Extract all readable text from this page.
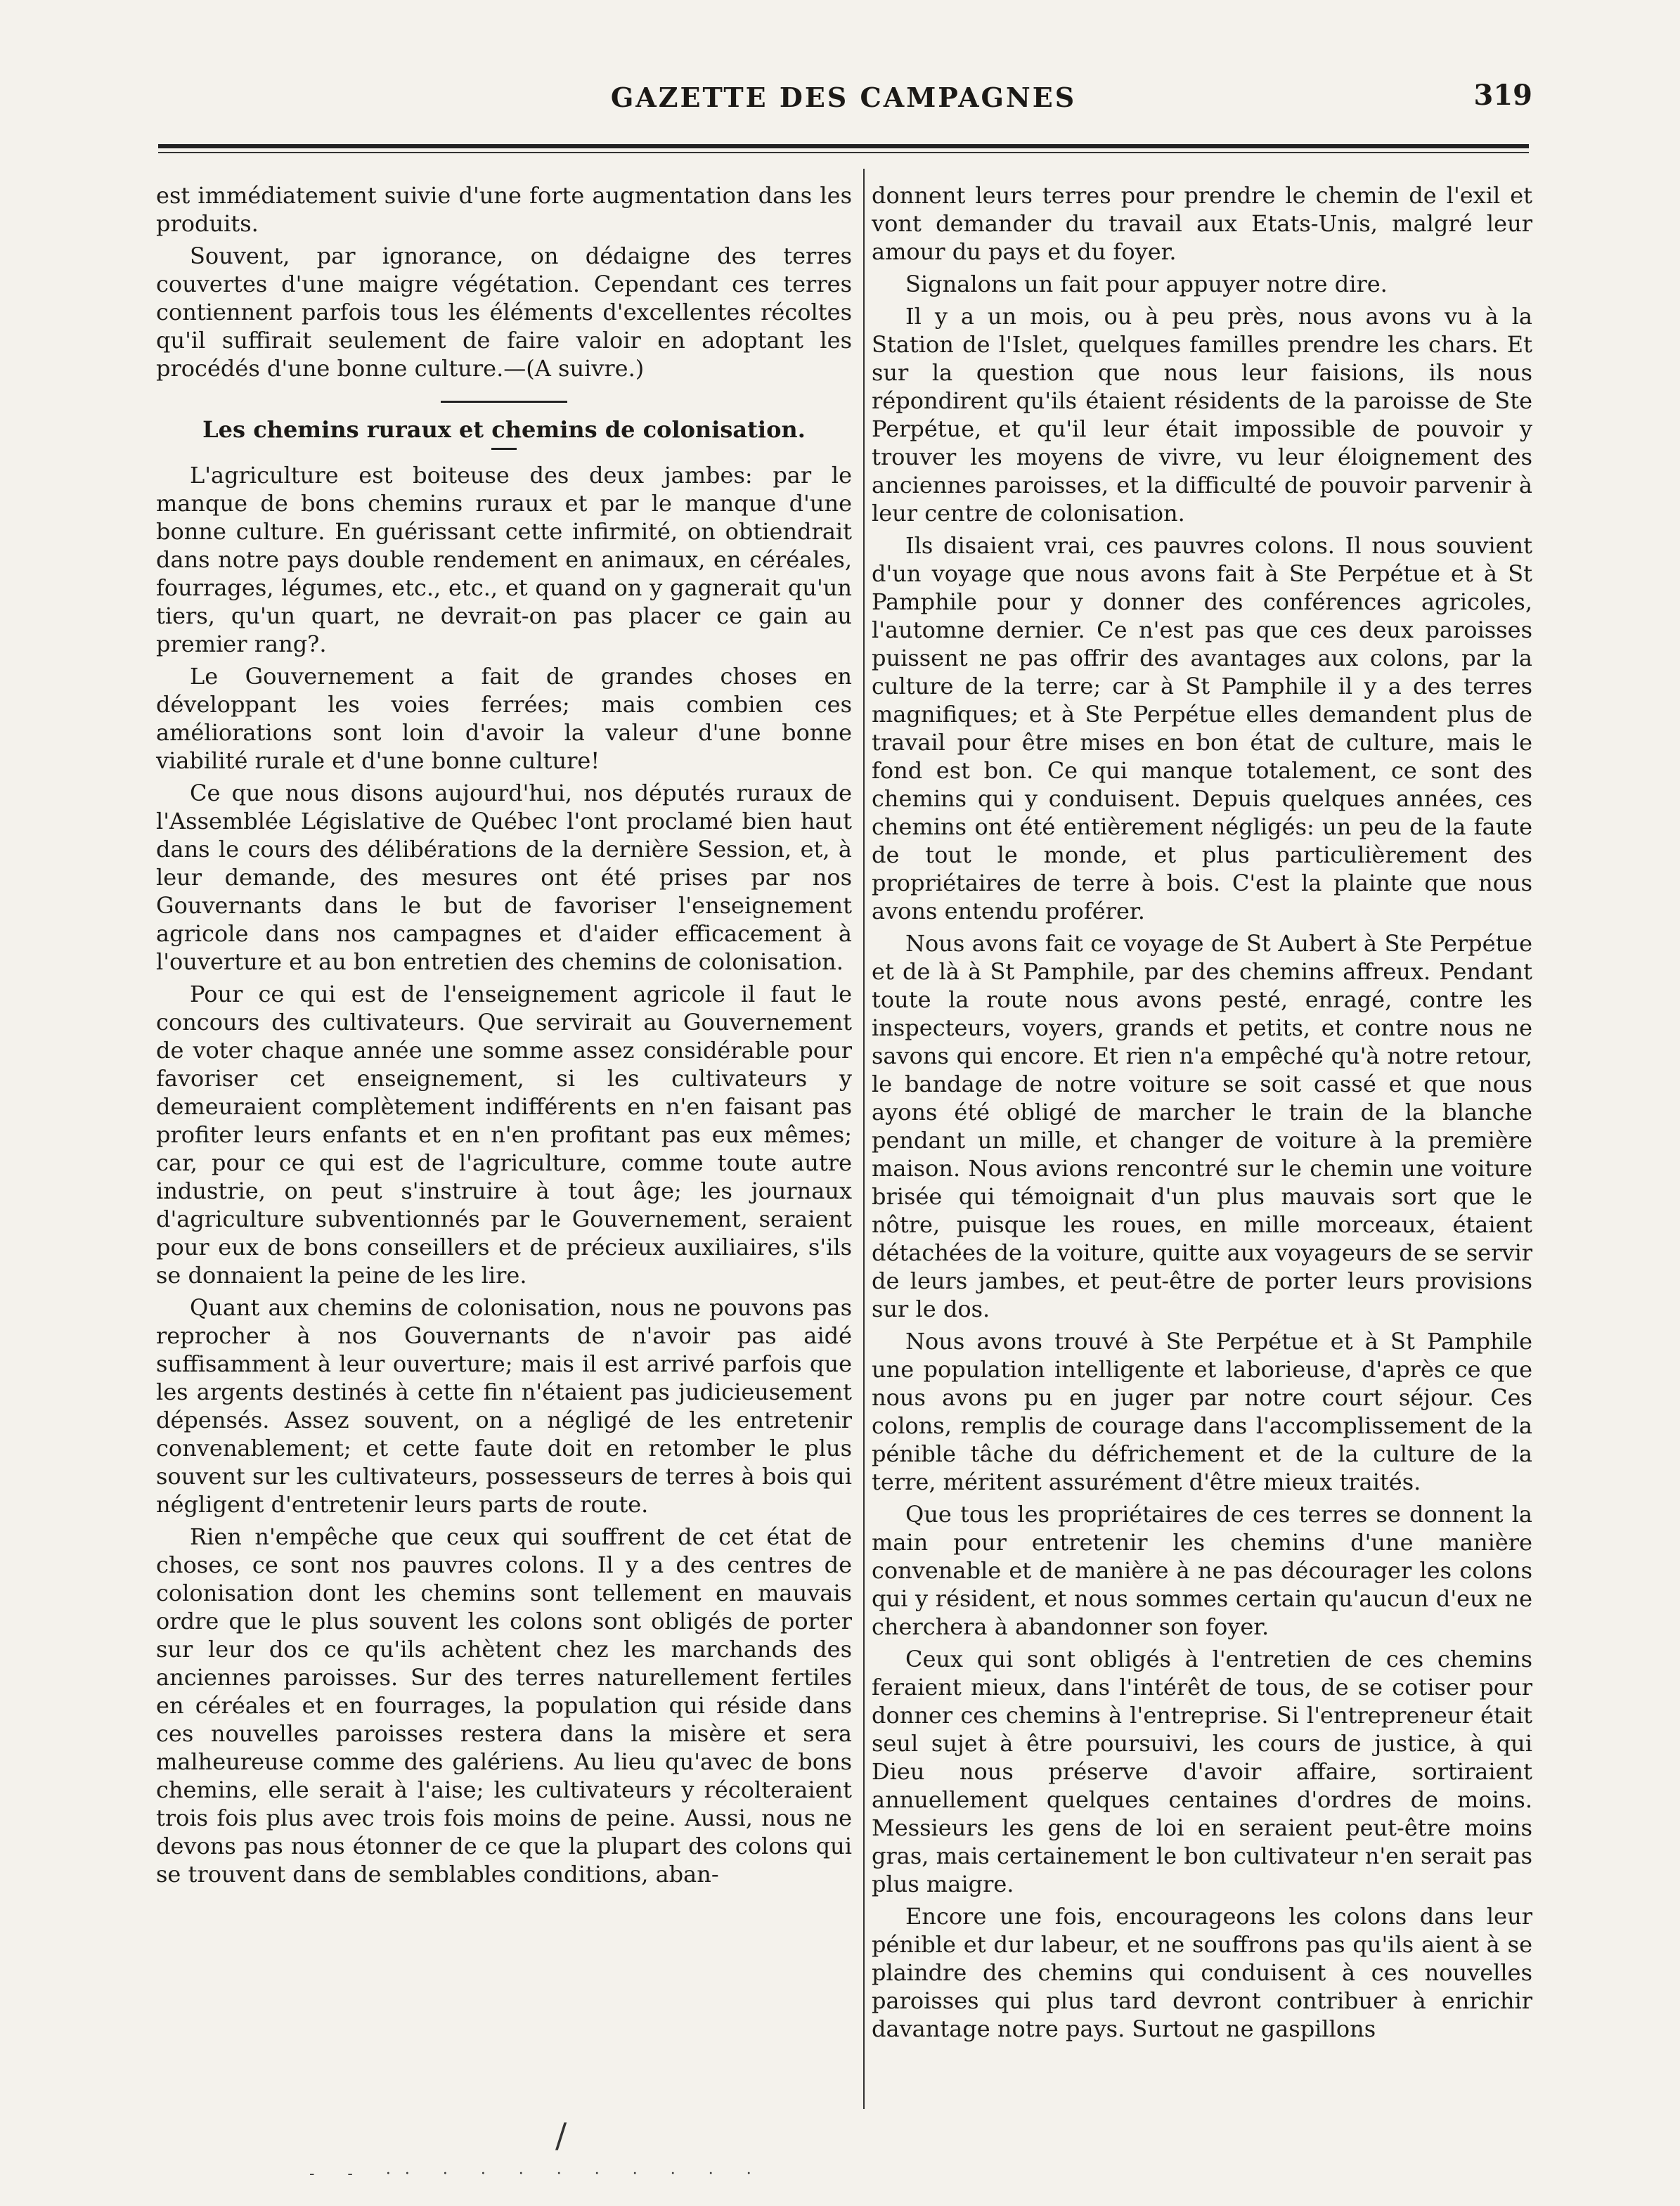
GAZETTE DES CAMPAGNES	319

est immédiatement suivie d'une forte augmentation dans les produits.

Souvent, par ignorance, on dédaigne des terres couvertes d'une maigre végétation. Cependant ces terres contiennent parfois tous les éléments d'excellentes récoltes qu'il suffirait seulement de faire valoir en adoptant les procédés d'une bonne culture.—(A suivre.)

Les chemins ruraux et chemins de colonisation.

L'agriculture est boiteuse des deux jambes: par le manque de bons chemins ruraux et par le manque d'une bonne culture. En guérissant cette infirmité, on obtiendrait dans notre pays double rendement en animaux, en céréales, fourrages, légumes, etc., etc., et quand on y gagnerait qu'un tiers, qu'un quart, ne devrait-on pas placer ce gain au premier rang?.

Le Gouvernement a fait de grandes choses en développant les voies ferrées; mais combien ces améliorations sont loin d'avoir la valeur d'une bonne viabilité rurale et d'une bonne culture!

Ce que nous disons aujourd'hui, nos députés ruraux de l'Assemblée Législative de Québec l'ont proclamé bien haut dans le cours des délibérations de la dernière Session, et, à leur demande, des mesures ont été prises par nos Gouvernants dans le but de favoriser l'enseignement agricole dans nos campagnes et d'aider efficacement à l'ouverture et au bon entretien des chemins de colonisation.

Pour ce qui est de l'enseignement agricole il faut le concours des cultivateurs. Que servirait au Gouvernement de voter chaque année une somme assez considérable pour favoriser cet enseignement, si les cultivateurs y demeuraient complètement indifférents en n'en faisant pas profiter leurs enfants et en n'en profitant pas eux mêmes; car, pour ce qui est de l'agriculture, comme toute autre industrie, on peut s'instruire à tout âge; les journaux d'agriculture subventionnés par le Gouvernement, seraient pour eux de bons conseillers et de précieux auxiliaires, s'ils se donnaient la peine de les lire.

Quant aux chemins de colonisation, nous ne pouvons pas reprocher à nos Gouvernants de n'avoir pas aidé suffisamment à leur ouverture; mais il est arrivé parfois que les argents destinés à cette fin n'étaient pas judicieusement dépensés. Assez souvent, on a négligé de les entretenir convenablement; et cette faute doit en retomber le plus souvent sur les cultivateurs, possesseurs de terres à bois qui négligent d'entretenir leurs parts de route.

Rien n'empêche que ceux qui souffrent de cet état de choses, ce sont nos pauvres colons. Il y a des centres de colonisation dont les chemins sont tellement en mauvais ordre que le plus souvent les colons sont obligés de porter sur leur dos ce qu'ils achètent chez les marchands des anciennes paroisses. Sur des terres naturellement fertiles en céréales et en fourrages, la population qui réside dans ces nouvelles paroisses restera dans la misère et sera malheureuse comme des galériens. Au lieu qu'avec de bons chemins, elle serait à l'aise; les cultivateurs y récolteraient trois fois plus avec trois fois moins de peine. Aussi, nous ne devons pas nous étonner de ce que la plupart des colons qui se trouvent dans de semblables conditions, aban-

donnent leurs terres pour prendre le chemin de l'exil et vont demander du travail aux Etats-Unis, malgré leur amour du pays et du foyer.

Signalons un fait pour appuyer notre dire.

Il y a un mois, ou à peu près, nous avons vu à la Station de l'Islet, quelques familles prendre les chars. Et sur la question que nous leur faisions, ils nous répondirent qu'ils étaient résidents de la paroisse de Ste Perpétue, et qu'il leur était impossible de pouvoir y trouver les moyens de vivre, vu leur éloignement des anciennes paroisses, et la difficulté de pouvoir parvenir à leur centre de colonisation.

Ils disaient vrai, ces pauvres colons. Il nous souvient d'un voyage que nous avons fait à Ste Perpétue et à St Pamphile pour y donner des conférences agricoles, l'automne dernier. Ce n'est pas que ces deux paroisses puissent ne pas offrir des avantages aux colons, par la culture de la terre; car à St Pamphile il y a des terres magnifiques; et à Ste Perpétue elles demandent plus de travail pour être mises en bon état de culture, mais le fond est bon. Ce qui manque totalement, ce sont des chemins qui y conduisent. Depuis quelques années, ces chemins ont été entièrement négligés: un peu de la faute de tout le monde, et plus particulièrement des propriétaires de terre à bois. C'est la plainte que nous avons entendu proférer.

Nous avons fait ce voyage de St Aubert à Ste Perpétue et de là à St Pamphile, par des chemins affreux. Pendant toute la route nous avons pesté, enragé, contre les inspecteurs, voyers, grands et petits, et contre nous ne savons qui encore. Et rien n'a empêché qu'à notre retour, le bandage de notre voiture se soit cassé et que nous ayons été obligé de marcher le train de la blanche pendant un mille, et changer de voiture à la première maison. Nous avions rencontré sur le chemin une voiture brisée qui témoignait d'un plus mauvais sort que le nôtre, puisque les roues, en mille morceaux, étaient détachées de la voiture, quitte aux voyageurs de se servir de leurs jambes, et peut-être de porter leurs provisions sur le dos.

Nous avons trouvé à Ste Perpétue et à St Pamphile une population intelligente et laborieuse, d'après ce que nous avons pu en juger par notre court séjour. Ces colons, remplis de courage dans l'accomplissement de la pénible tâche du défrichement et de la culture de la terre, méritent assurément d'être mieux traités.

Que tous les propriétaires de ces terres se donnent la main pour entretenir les chemins d'une manière convenable et de manière à ne pas décourager les colons qui y résident, et nous sommes certain qu'aucun d'eux ne cherchera à abandonner son foyer.

Ceux qui sont obligés à l'entretien de ces chemins feraient mieux, dans l'intérêt de tous, de se cotiser pour donner ces chemins à l'entreprise. Si l'entrepreneur était seul sujet à être poursuivi, les cours de justice, à qui Dieu nous préserve d'avoir affaire, sortiraient annuellement quelques centaines d'ordres de moins. Messieurs les gens de loi en seraient peut-être moins gras, mais certainement le bon cultivateur n'en serait pas plus maigre.

Encore une fois, encourageons les colons dans leur pénible et dur labeur, et ne souffrons pas qu'ils aient à se plaindre des chemins qui conduisent à ces nouvelles paroisses qui plus tard devront contribuer à enrichir davantage notre pays. Surtout ne gaspillons

/
- - ·· · · · · · · · · ·
